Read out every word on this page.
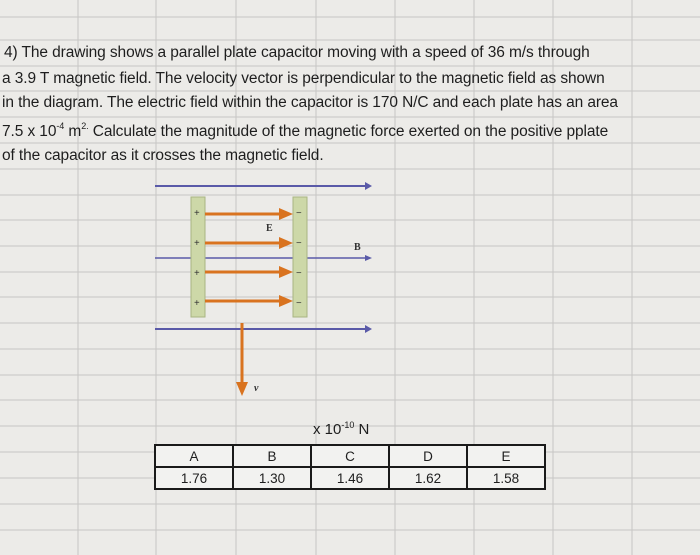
+
+
+
+
−
−
−
−
E
B
v
4) The drawing shows a parallel plate capacitor moving with a speed of 36 m/s through
a 3.9 T magnetic field. The velocity vector is perpendicular to the magnetic field as shown
in the diagram. The electric field within the capacitor is 170 N/C and each plate has an area
7.5 x $10^{-4}$ $m^{2.}$ Calculate the magnitude of the magnetic force exerted on the positive pplate
of the capacitor as it crosses the magnetic field.
x $10^{-10}$ N
A	B	C	D	E
1.76	1.30	1.46	1.62	1.58
